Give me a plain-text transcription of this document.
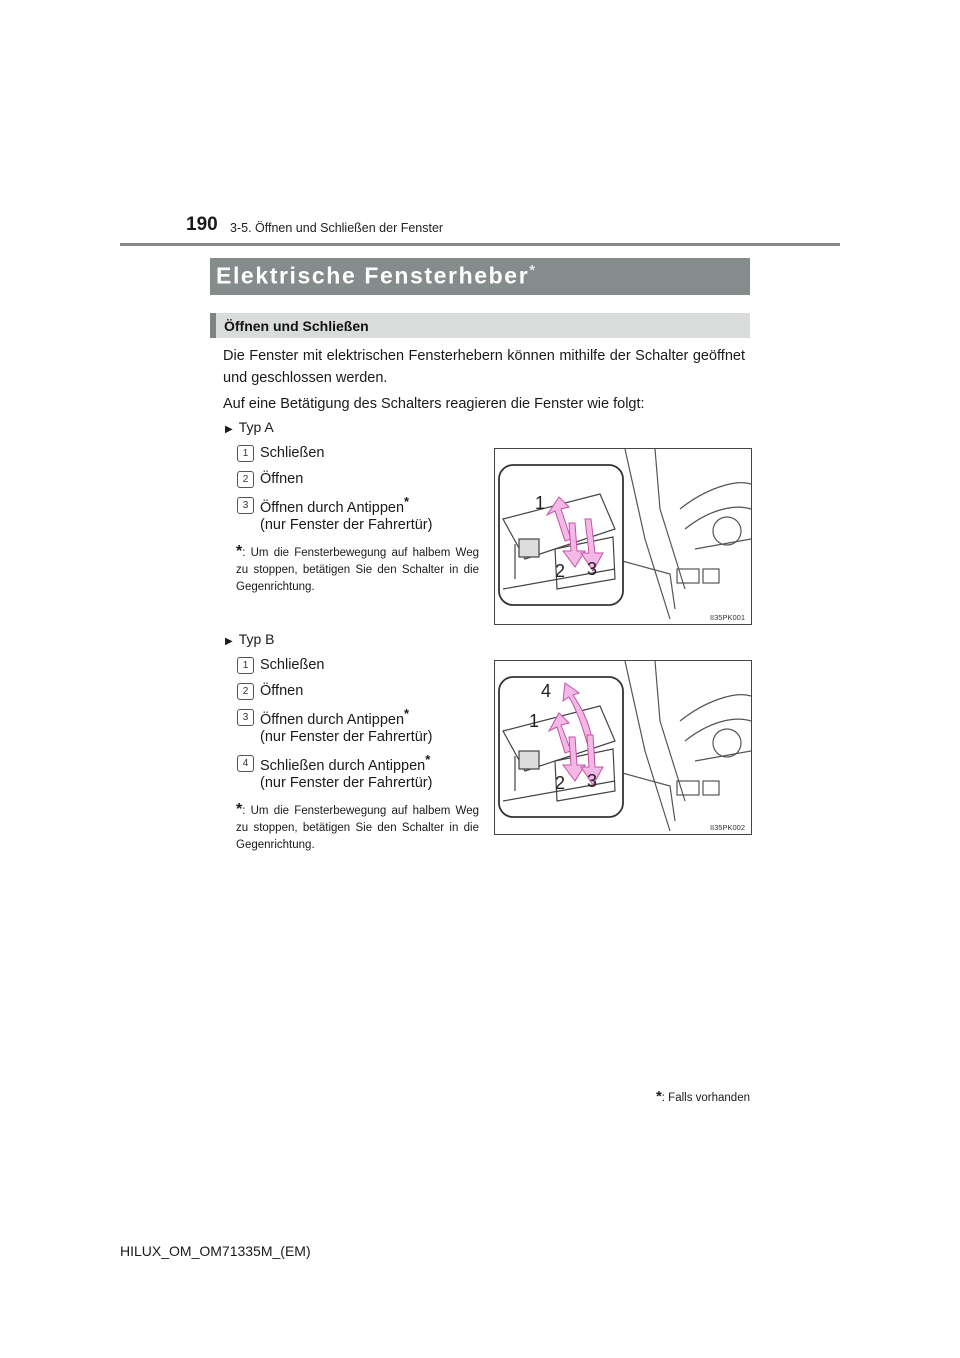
190 3-5. Öffnen und Schließen der Fenster
Elektrische Fensterheber*
Öffnen und Schließen
Die Fenster mit elektrischen Fensterhebern können mithilfe der Schalter geöffnet und geschlossen werden.
Auf eine Betätigung des Schalters reagieren die Fenster wie folgt:
▶ Typ A
1 Schließen
2 Öffnen
3 Öffnen durch Antippen*
(nur Fenster der Fahrertür)
*: Um die Fensterbewegung auf halbem Weg zu stoppen, betätigen Sie den Schalter in die Gegenrichtung.
1
2 3
II35PK001
▶ Typ B
1 Schließen
2 Öffnen
3 Öffnen durch Antippen*
(nur Fenster der Fahrertür)
4 Schließen durch Antippen*
(nur Fenster der Fahrertür)
*: Um die Fensterbewegung auf halbem Weg zu stoppen, betätigen Sie den Schalter in die Gegenrichtung.
4
1
2 3
II35PK002
*: Falls vorhanden
HILUX_OM_OM71335M_(EM)
